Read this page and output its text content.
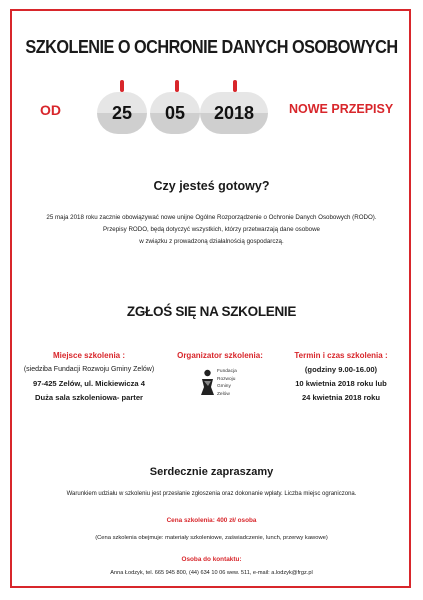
SZKOLENIE O OCHRONIE DANYCH OSOBOWYCH
OD	25	05	2018	NOWE PRZEPISY
Czy jesteś gotowy?
25 maja 2018 roku zacznie obowiązywać nowe unijne Ogólne Rozporządzenie o Ochronie Danych Osobowych (RODO).
Przepisy RODO, będą dotyczyć wszystkich, którzy przetwarzają dane osobowe
w związku z prowadzoną działalnością gospodarczą.
ZGŁOŚ SIĘ NA SZKOLENIE
Miejsce szkolenia :
(siedziba Fundacji Rozwoju Gminy Zelów)
97-425 Zelów, ul. Mickiewicza 4
Duża sala szkoleniowa- parter
Organizator szkolenia:
Fundacja
Rozwoju
Gminy
Zelów
Termin i czas szkolenia :
(godziny 9.00-16.00)
10 kwietnia 2018 roku lub
24 kwietnia 2018 roku
Serdecznie zapraszamy
Warunkiem udziału w szkoleniu jest przesłanie zgłoszenia oraz dokonanie wpłaty. Liczba miejsc ograniczona.
Cena szkolenia: 400 zł/ osoba
(Cena szkolenia obejmuje: materiały szkoleniowe, zaświadczenie, lunch, przerwy kawowe)
Osoba do kontaktu:
Anna Łodzyk, tel. 665 945 800, (44) 634 10 06 wew. 511, e-mail: a.lodzyk@frgz.pl
